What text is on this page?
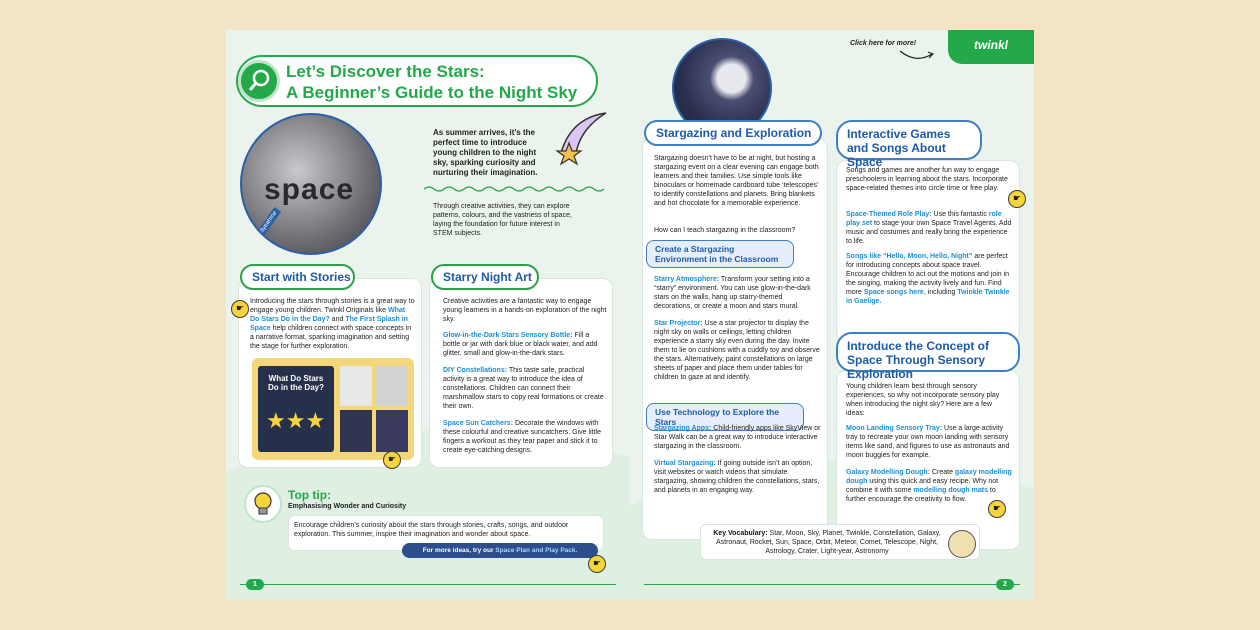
Let’s Discover the Stars:
A Beginner’s Guide to the Night Sky
space
@hellyeahme
As summer arrives, it’s the perfect time to introduce young children to the night sky, sparking curiosity and nurturing their imagination.
Through creative activities, they can explore patterns, colours, and the vastness of space, laying the foundation for future interest in STEM subjects.
Start with Stories
☛
Introducing the stars through stories is a great way to engage young children. Twinkl Originals like What Do Stars Do in the Day? and The First Splash in Space help children connect with space concepts in a narrative format, sparking imagination and setting the stage for further exploration.
What Do Stars Do in the Day?
★★★
☛
Starry Night Art
Creative activities are a fantastic way to engage young learners in a hands-on exploration of the night sky.
Glow-in-the-Dark Stars Sensory Bottle: Fill a bottle or jar with dark blue or black water, and add glitter, small and glow-in-the-dark stars.
DIY Constellations: This taste safe, practical activity is a great way to introduce the idea of constellations. Children can connect their marshmallow stars to copy real formations or create their own.
Space Sun Catchers: Decorate the windows with these colourful and creative suncatchers. Give little fingers a workout as they tear paper and stick it to create eye-catching designs.
Top tip:
Emphasising Wonder and Curiosity
Encourage children’s curiosity about the stars through stories, crafts, songs, and outdoor exploration. This summer, inspire their imagination and wonder about space.
For more ideas, try our Space Plan and Play Pack.
☛
1
Click here for more!	twinkl
Stargazing and Exploration
Stargazing doesn’t have to be at night, but hosting a stargazing event on a clear evening can engage both learners and their families. Use simple tools like binoculars or homemade cardboard tube ‘telescopes’ to identify constellations and planets. Bring blankets and hot chocolate for a memorable experience.
How can I teach stargazing in the classroom?
Create a Stargazing Environment in the Classroom
Starry Atmosphere: Transform your setting into a “starry” environment. You can use glow-in-the-dark stars on the walls, hang up starry-themed decorations, or create a moon and stars mural.
Star Projector: Use a star projector to display the night sky on walls or ceilings, letting children experience a starry sky even during the day. Invite them to lie on cushions with a cuddly toy and observe the stars. Alternatively, paint constellations on large sheets of paper and place them under tables for children to gaze at and identify.
Use Technology to Explore the Stars
Stargazing Apps: Child-friendly apps like SkyView or Star Walk can be a great way to introduce interactive stargazing in the classroom.
Virtual Stargazing: If going outside isn’t an option, visit websites or watch videos that simulate stargazing, showing children the constellations, stars, and planets in an engaging way.
Interactive Games and Songs About Space
Songs and games are another fun way to engage preschoolers in learning about the stars. Incorporate space-related themes into circle time or free play.
☛
Space-Themed Role Play: Use this fantastic role play set to stage your own Space Travel Agents. Add music and costumes and really bring the experience to life.
Songs like “Hello, Moon, Hello, Night” are perfect for introducing concepts about space travel. Encourage children to act out the motions and join in the singing, making the activity lively and fun. Find more Space songs here, including Twinkle Twinkle in Gaelige.
Introduce the Concept of Space Through Sensory Exploration
Young children learn best through sensory experiences, so why not incorporate sensory play when introducing the night sky? Here are a few ideas:
Moon Landing Sensory Tray: Use a large activity tray to recreate your own moon landing with sensory items like sand, and figures to use as astronauts and moon buggies for example.
Galaxy Modelling Dough: Create galaxy modelling dough using this quick and easy recipe. Why not combine it with some modelling dough mats to further encourage the creativity to flow.
☛
Key Vocabulary: Star, Moon, Sky, Planet, Twinkle, Constellation, Galaxy, Astronaut, Rocket, Sun, Space, Orbit, Meteor, Comet, Telescope, Night, Astrology, Crater, Light-year, Astronomy
2
